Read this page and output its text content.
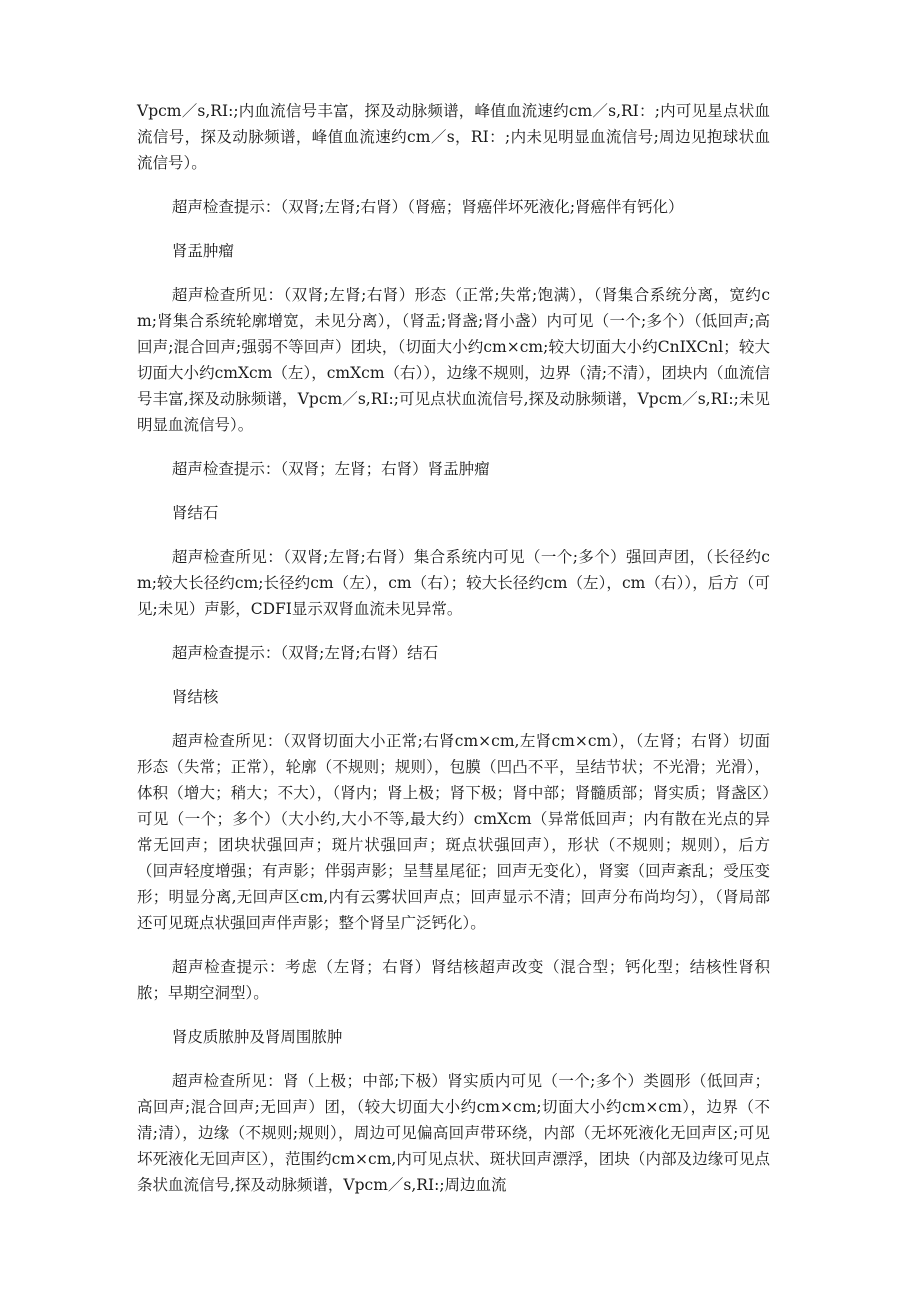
Vpcm／s,RI:;内血流信号丰富，探及动脉频谱，峰值血流速约cm／s,RI：;内可见星点状血流信号，探及动脉频谱，峰值血流速约cm／s，RI：;内未见明显血流信号;周边见抱球状血流信号）。

超声检查提示：（双肾;左肾;右肾）（肾癌；肾癌伴坏死液化;肾癌伴有钙化）

肾盂肿瘤

超声检查所见：（双肾;左肾;右肾）形态（正常;失常;饱满），（肾集合系统分离，宽约cm;肾集合系统轮廓增宽，未见分离），（肾盂;肾盏;肾小盏）内可见（一个;多个）（低回声;高回声;混合回声;强弱不等回声）团块，（切面大小约cm×cm;较大切面大小约CnIXCnl；较大切面大小约cmXcm（左），cmXcm（右）），边缘不规则，边界（清;不清），团块内（血流信号丰富,探及动脉频谱，Vpcm／s,RI:;可见点状血流信号,探及动脉频谱，Vpcm／s,RI:;未见明显血流信号）。

超声检查提示：（双肾；左肾；右肾）肾盂肿瘤

肾结石

超声检查所见：（双肾;左肾;右肾）集合系统内可见（一个;多个）强回声团，（长径约cm;较大长径约cm;长径约cm（左），cm（右）；较大长径约cm（左），cm（右）），后方（可见;未见）声影，CDFI显示双肾血流未见异常。

超声检查提示：（双肾;左肾;右肾）结石

肾结核

超声检查所见：（双肾切面大小正常;右肾cm×cm,左肾cm×cm），（左肾；右肾）切面形态（失常；正常），轮廓（不规则；规则），包膜（凹凸不平，呈结节状；不光滑；光滑），体积（增大；稍大；不大），（肾内；肾上极；肾下极；肾中部；肾髓质部；肾实质；肾盏区）可见（一个；多个）（大小约,大小不等,最大约）cmXcm（异常低回声；内有散在光点的异常无回声；团块状强回声；斑片状强回声；斑点状强回声），形状（不规则；规则），后方（回声轻度增强；有声影；伴弱声影；呈彗星尾征；回声无变化），肾窦（回声紊乱；受压变形；明显分离,无回声区cm,内有云雾状回声点；回声显示不清；回声分布尚均匀），（肾局部还可见斑点状强回声伴声影；整个肾呈广泛钙化）。

超声检查提示：考虑（左肾；右肾）肾结核超声改变（混合型；钙化型；结核性肾积脓；早期空洞型）。

肾皮质脓肿及肾周围脓肿

超声检查所见：肾（上极；中部;下极）肾实质内可见（一个;多个）类圆形（低回声；高回声;混合回声;无回声）团，（较大切面大小约cm×cm;切面大小约cm×cm），边界（不清;清），边缘（不规则;规则），周边可见偏高回声带环绕，内部（无坏死液化无回声区;可见坏死液化无回声区），范围约cm×cm,内可见点状、斑状回声漂浮，团块（内部及边缘可见点条状血流信号,探及动脉频谱，Vpcm／s,RI:;周边血流
